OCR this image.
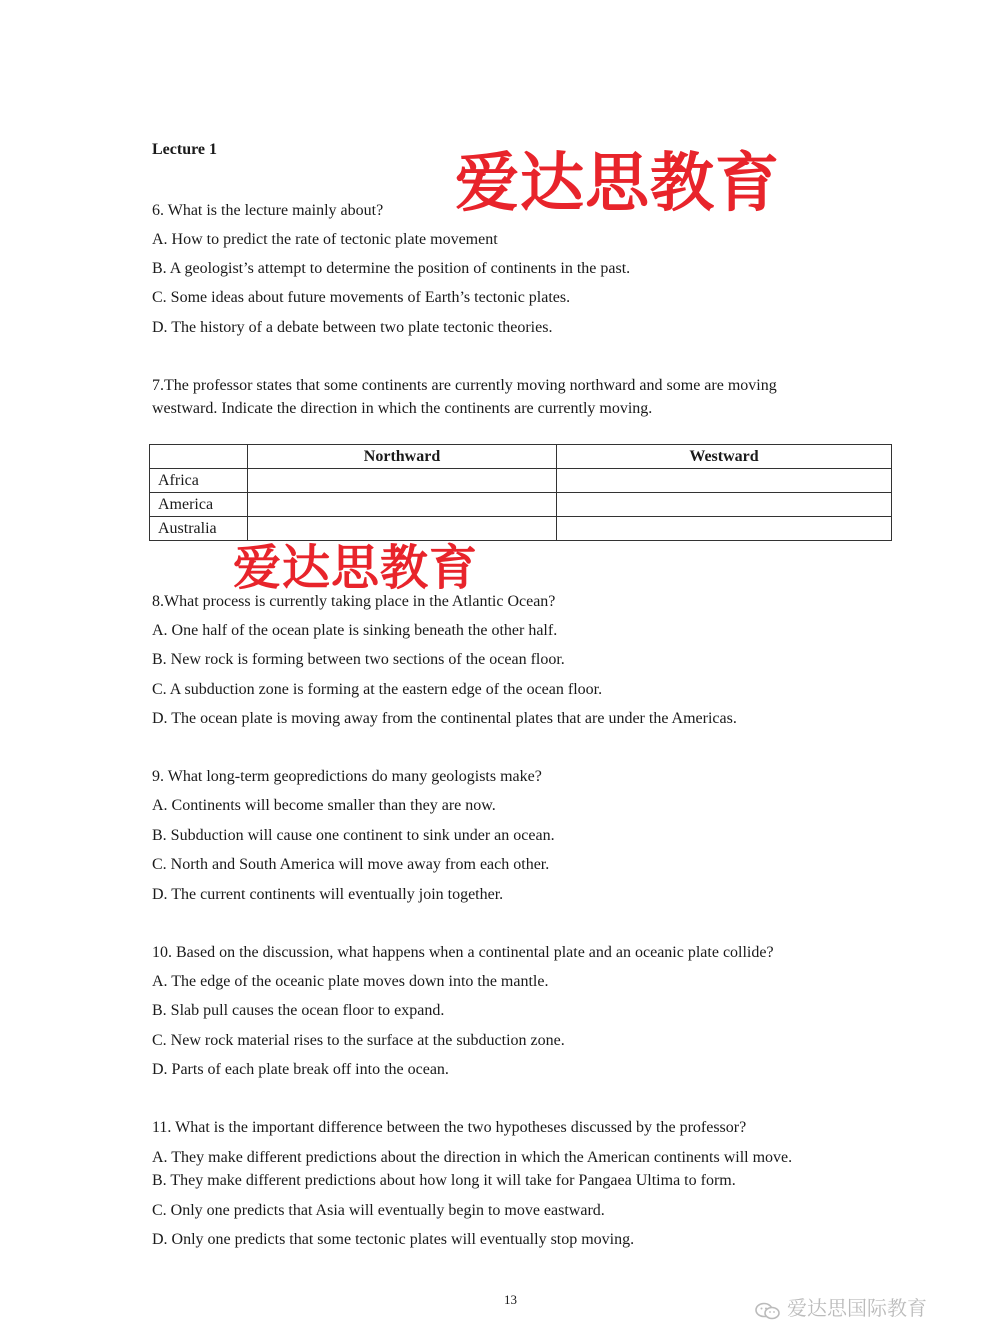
Lecture 1	爱达思教育
6. What is the lecture mainly about?
A. How to predict the rate of tectonic plate movement
B. A geologist’s attempt to determine the position of continents in the past.
C. Some ideas about future movements of Earth’s tectonic plates.
D. The history of a debate between two plate tectonic theories.
7.The professor states that some continents are currently moving northward and some are moving
westward. Indicate the direction in which the continents are currently moving.
	Northward	Westward
Africa		
America		
Australia		
爱达思教育
8.What process is currently taking place in the Atlantic Ocean?
A. One half of the ocean plate is sinking beneath the other half.
B. New rock is forming between two sections of the ocean floor.
C. A subduction zone is forming at the eastern edge of the ocean floor.
D. The ocean plate is moving away from the continental plates that are under the Americas.
9. What long-term geopredictions do many geologists make?
A. Continents will become smaller than they are now.
B. Subduction will cause one continent to sink under an ocean.
C. North and South America will move away from each other.
D. The current continents will eventually join together.
10. Based on the discussion, what happens when a continental plate and an oceanic plate collide?
A. The edge of the oceanic plate moves down into the mantle.
B. Slab pull causes the ocean floor to expand.
C. New rock material rises to the surface at the subduction zone.
D. Parts of each plate break off into the ocean.
11. What is the important difference between the two hypotheses discussed by the professor?
A. They make different predictions about the direction in which the American continents will move.
B. They make different predictions about how long it will take for Pangaea Ultima to form.
C. Only one predicts that Asia will eventually begin to move eastward.
D. Only one predicts that some tectonic plates will eventually stop moving.
13	爱达思国际教育
